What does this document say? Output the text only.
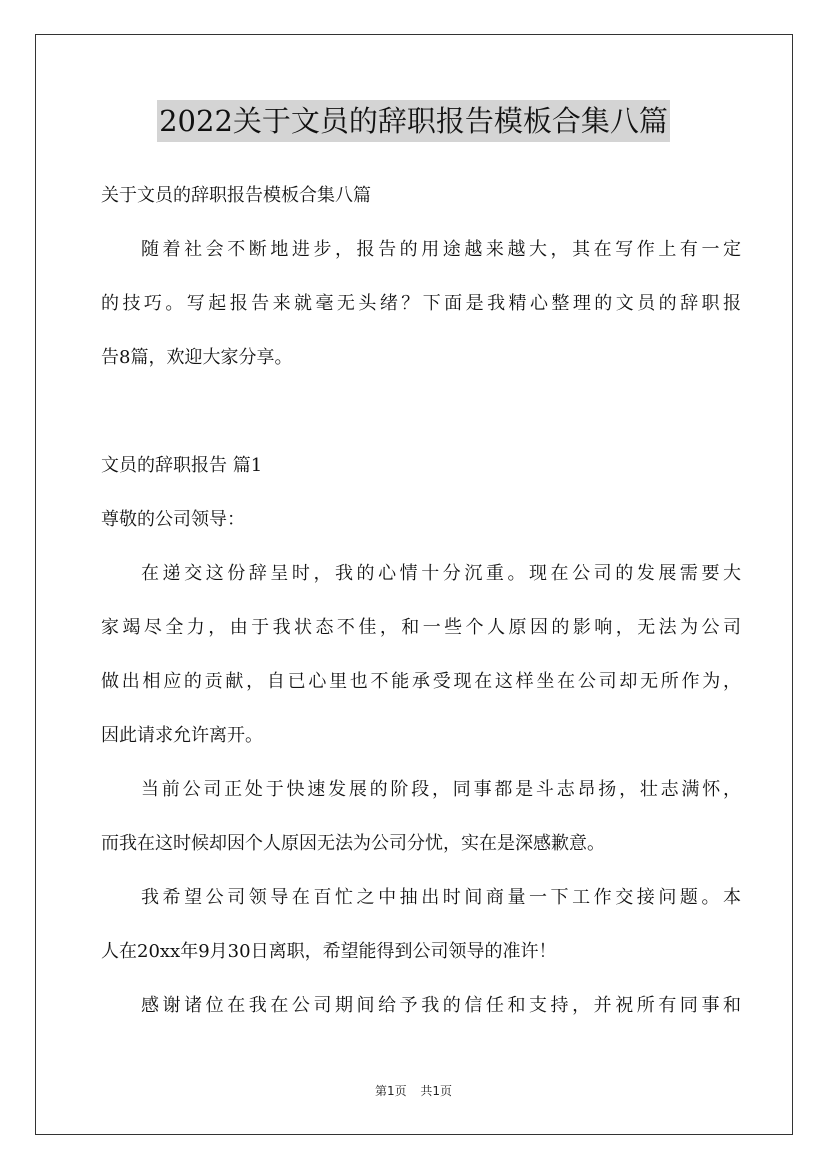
2022关于文员的辞职报告模板合集八篇

关于文员的辞职报告模板合集八篇

随着社会不断地进步，报告的用途越来越大，其在写作上有一定
的技巧。写起报告来就毫无头绪？下面是我精心整理的文员的辞职报
告8篇，欢迎大家分享。

文员的辞职报告 篇1

尊敬的公司领导：

在递交这份辞呈时，我的心情十分沉重。现在公司的发展需要大
家竭尽全力，由于我状态不佳，和一些个人原因的影响，无法为公司
做出相应的贡献，自已心里也不能承受现在这样坐在公司却无所作为，
因此请求允许离开。

当前公司正处于快速发展的阶段，同事都是斗志昂扬，壮志满怀，
而我在这时候却因个人原因无法为公司分忧，实在是深感歉意。

我希望公司领导在百忙之中抽出时间商量一下工作交接问题。本
人在20xx年9月30日离职，希望能得到公司领导的准许！

感谢诸位在我在公司期间给予我的信任和支持，并祝所有同事和

第1页 共1页
